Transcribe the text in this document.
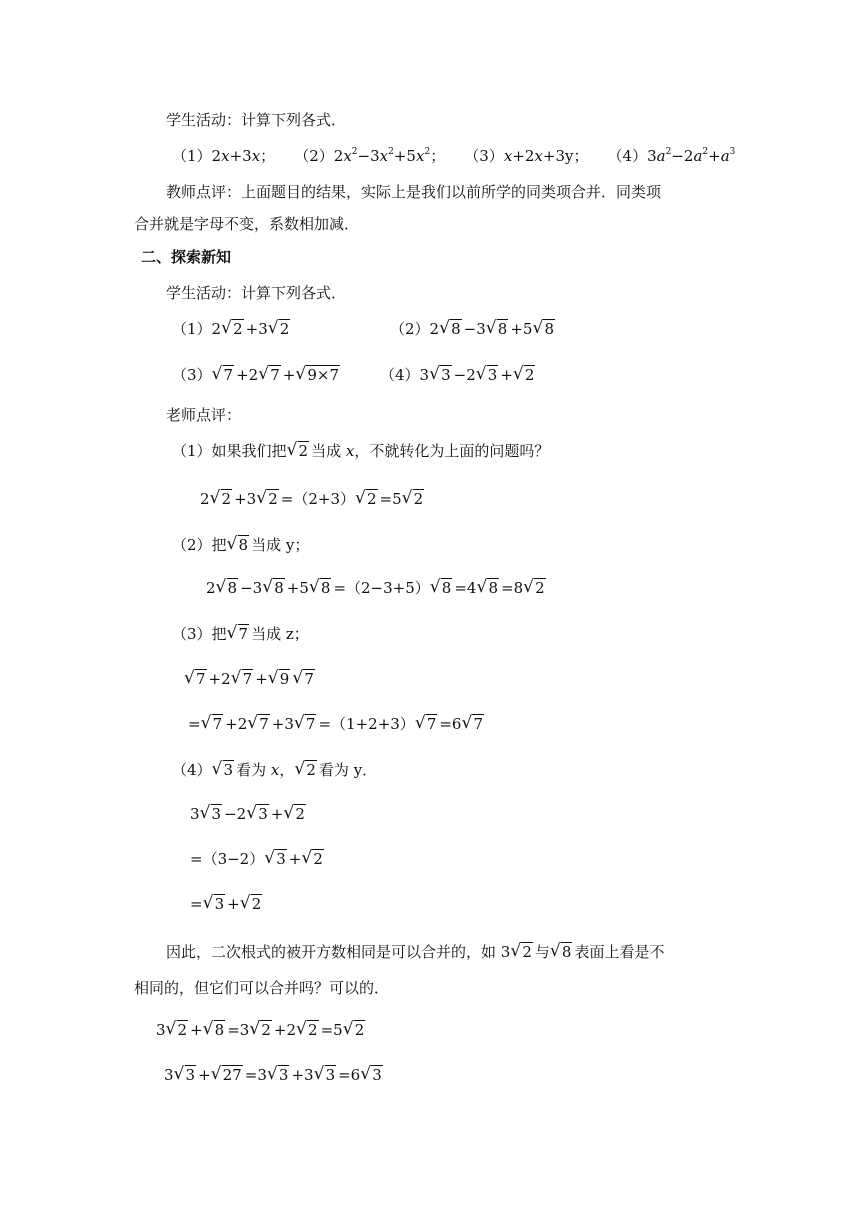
学生活动：计算下列各式．
（1）2x+3x；    $(2)2x^2-3x^2+5x^2$；    （3）x+2x+3y；    $(4)3a^2-2a^2+a^3$
教师点评：上面题目的结果，实际上是我们以前所学的同类项合并．同类项
合并就是字母不变，系数相加减．
二、探索新知
学生活动：计算下列各式．
（1）2 √ 2 +3 √ 2	（2）2 √ 8 −3 √ 8 +5 √ 8
（3） √ 7 +2 √ 7 + √ 9×7	（4）3 √ 3 −2 √ 3 + √ 2
老师点评：
（1）如果我们把 √ 2 当成 x，不就转化为上面的问题吗？
2 √ 2 +3 √ 2 =（2+3） √ 2 =5 √ 2
（2）把 √ 8 当成 y；
2 √ 8 −3 √ 8 +5 √ 8 =（2−3+5） √ 8 =4 √ 8 =8 √ 2
（3）把 √ 7 当成 z；
√ 7 +2 √ 7 + √ 9 √ 7
= √ 7 +2 √ 7 +3 √ 7 =（1+2+3） √ 7 =6 √ 7
（4） √ 3 看为 x， √ 2 看为 y．
3 √ 3 −2 √ 3 + √ 2
=（3−2） √ 3 + √ 2
= √ 3 + √ 2
因此，二次根式的被开方数相同是可以合并的，如 3 √ 2 与 √ 8 表面上看是不
相同的，但它们可以合并吗？可以的．
3 √ 2 + √ 8 =3 √ 2 +2 √ 2 =5 √ 2
3 √ 3 + √ 27 =3 √ 3 +3 √ 3 =6 √ 3
